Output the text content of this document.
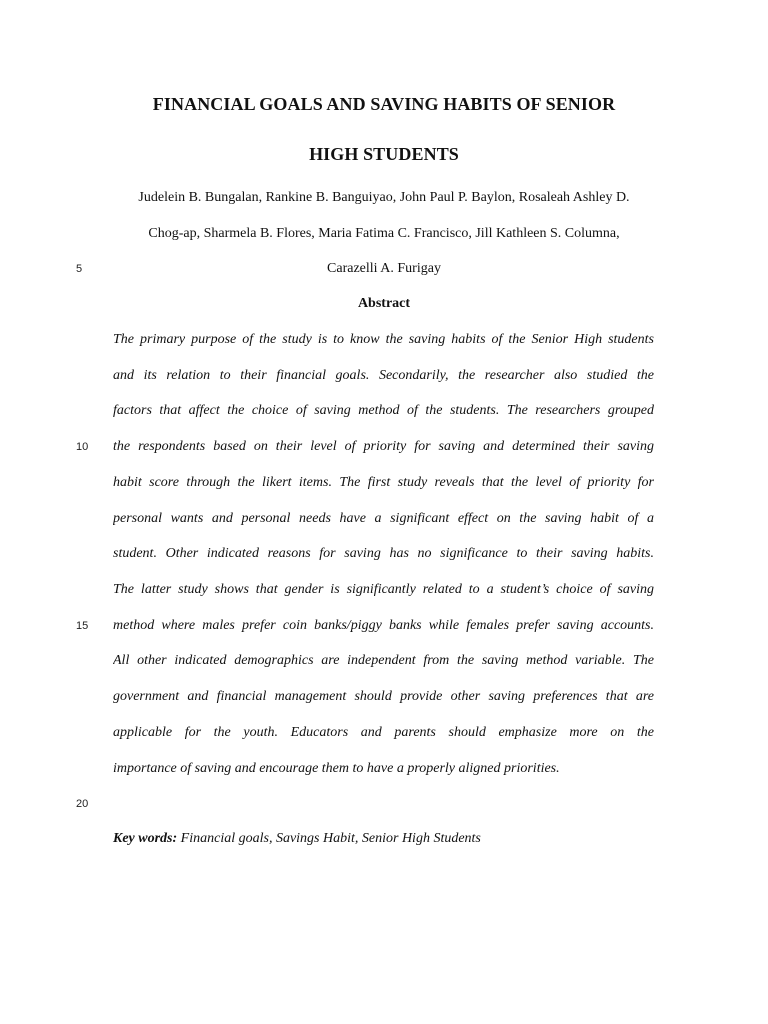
FINANCIAL GOALS AND SAVING HABITS OF SENIOR
HIGH STUDENTS
Judelein B. Bungalan, Rankine B. Banguiyao, John Paul P. Baylon, Rosaleah Ashley D.
Chog-ap, Sharmela B. Flores, Maria Fatima C. Francisco, Jill Kathleen S. Columna,
Carazelli A. Furigay
5
Abstract
The primary purpose of the study is to know the saving habits of the Senior High students
and its relation to their financial goals. Secondarily, the researcher also studied the
factors that affect the choice of saving method of the students. The researchers grouped
the respondents based on their level of priority for saving and determined their saving
10
habit score through the likert items. The first study reveals that the level of priority for
personal wants and personal needs have a significant effect on the saving habit of a
student. Other indicated reasons for saving has no significance to their saving habits.
The latter study shows that gender is significantly related to a student’s choice of saving
method where males prefer coin banks/piggy banks while females prefer saving accounts.
15
All other indicated demographics are independent from the saving method variable. The
government and financial management should provide other saving preferences that are
applicable for the youth. Educators and parents should emphasize more on the
importance of saving and encourage them to have a properly aligned priorities.
20
Key words: Financial goals, Savings Habit, Senior High Students
